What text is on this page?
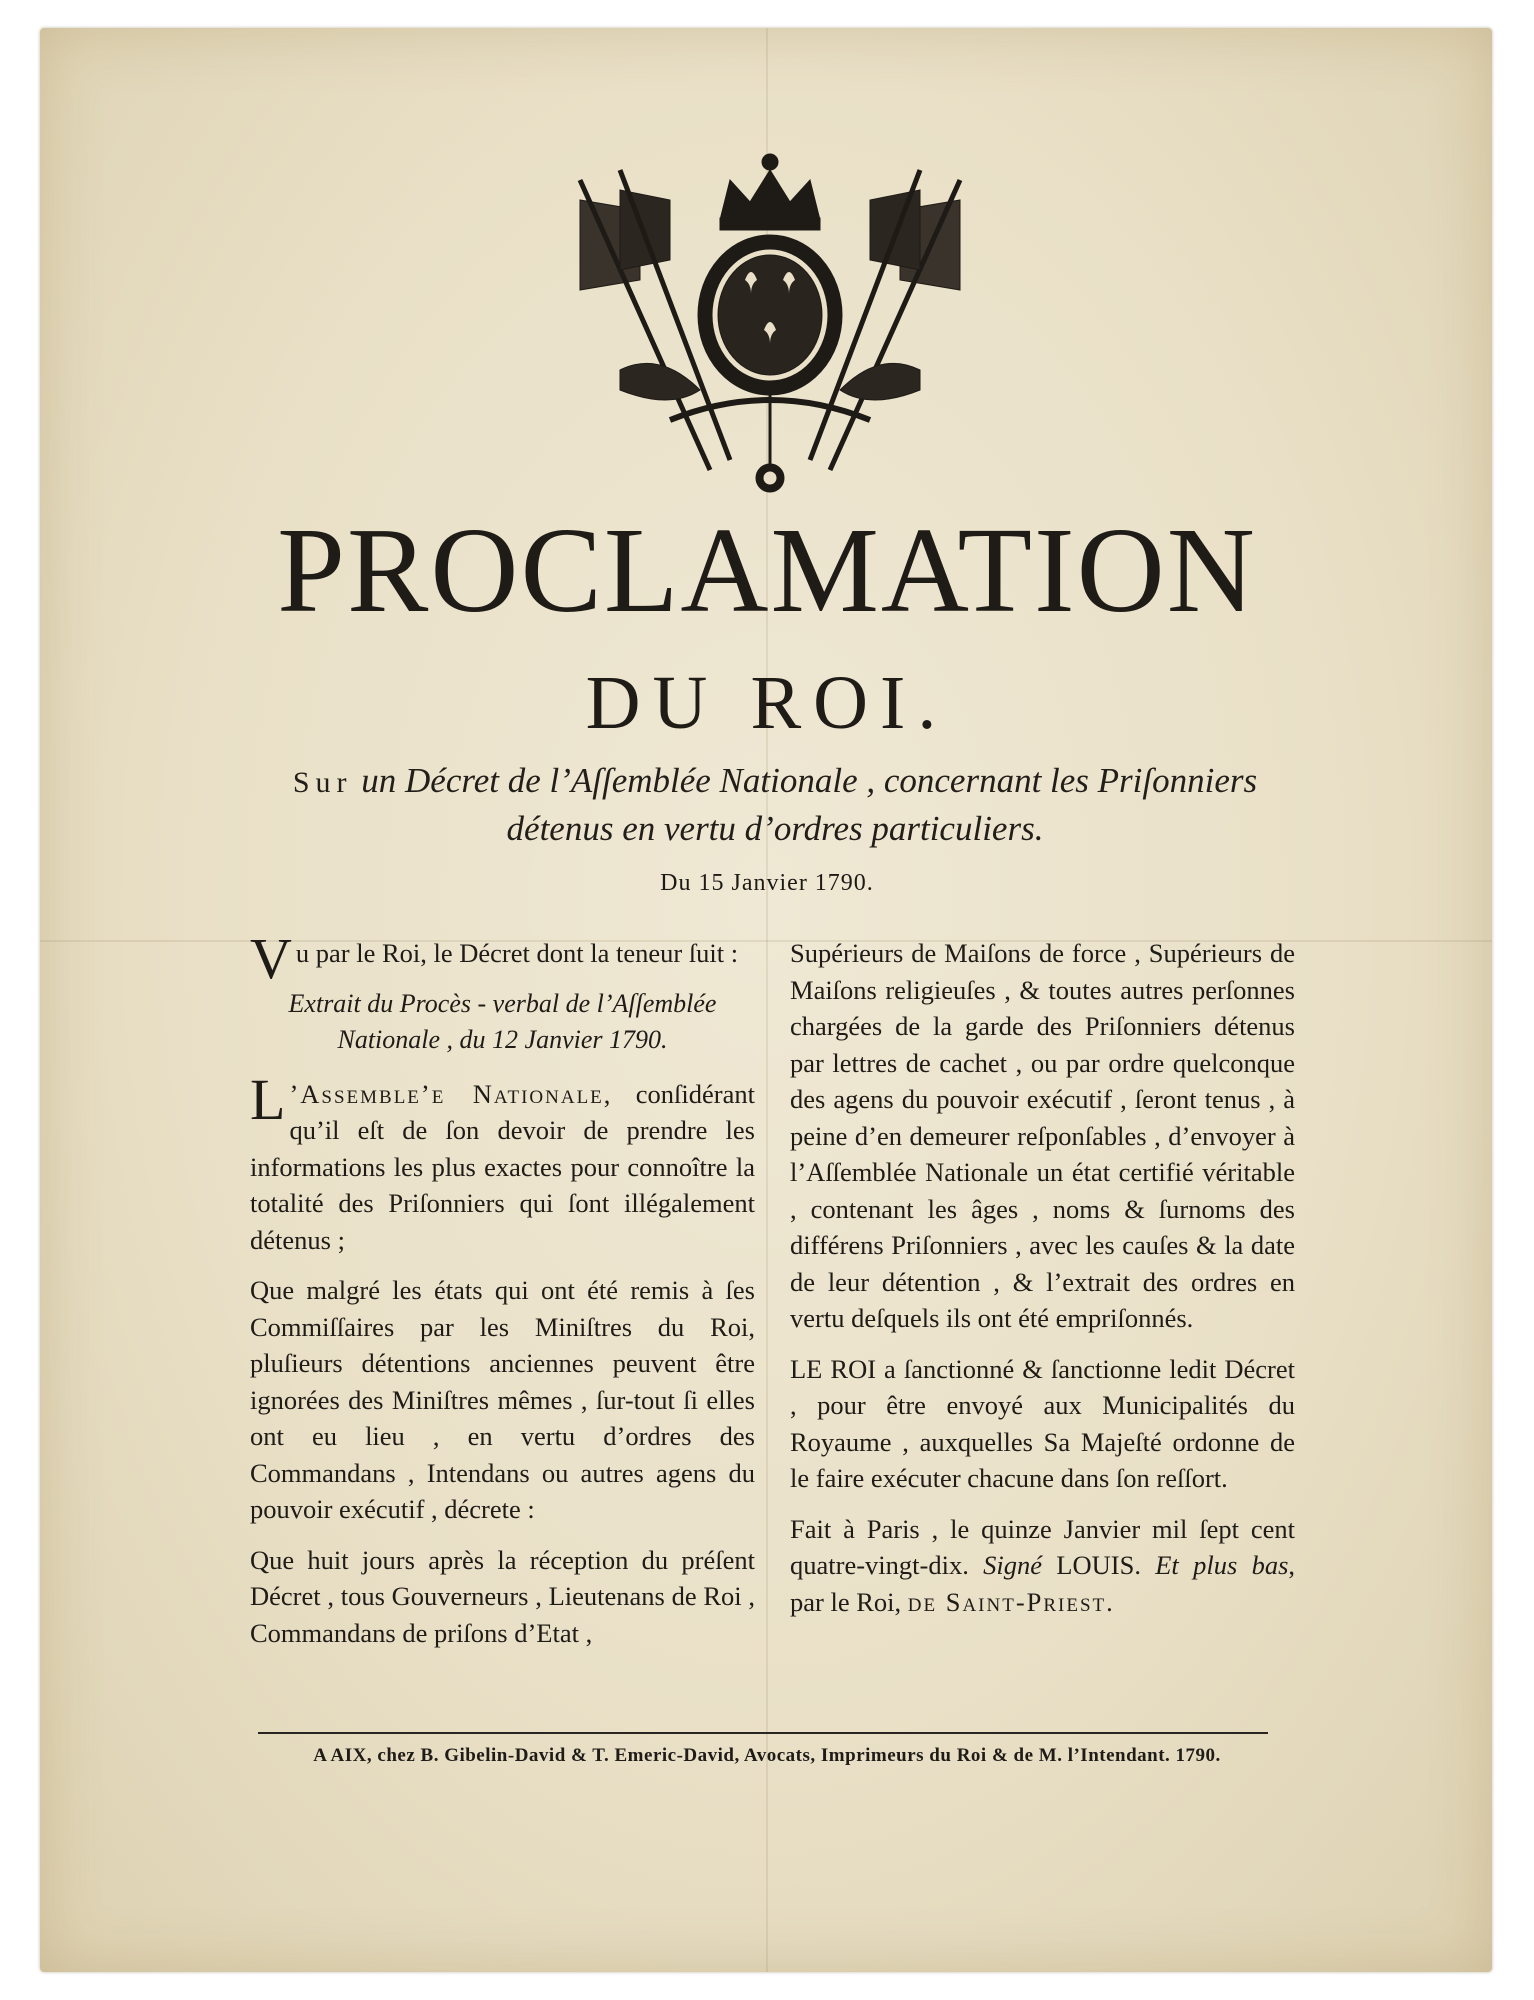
PROCLAMATION
DU ROI.
Sur un Décret de l’Aſſemblée Nationale , concernant les Priſonniers détenus en vertu d’ordres particuliers.
Du 15 Janvier 1790.

Vu par le Roi, le Décret dont la teneur ſuit :

Extrait du Procès - verbal de l’Aſſemblée Nationale , du 12 Janvier 1790.

L ’Assemble’e Nationale, conſidérant qu’il eſt de ſon devoir de prendre les informations les plus exactes pour connoître la totalité des Priſonniers qui ſont illégalement détenus ;

Que malgré les états qui ont été remis à ſes Commiſſaires par les Miniſtres du Roi, pluſieurs détentions anciennes peuvent être ignorées des Miniſtres mêmes , ſur-tout ſi elles ont eu lieu , en vertu d’ordres des Commandans , Intendans ou autres agens du pouvoir exécutif , décrete :

Que huit jours après la réception du préſent Décret , tous Gouverneurs , Lieutenans de Roi , Commandans de priſons d’Etat ,

Supérieurs de Maiſons de force , Supérieurs de Maiſons religieuſes , & toutes autres perſonnes chargées de la garde des Priſonniers détenus par lettres de cachet , ou par ordre quelconque des agens du pouvoir exécutif , ſeront tenus , à peine d’en demeurer reſponſables , d’envoyer à l’Aſſemblée Nationale un état certifié véritable , contenant les âges , noms & ſurnoms des différens Priſonniers , avec les cauſes & la date de leur détention , & l’extrait des ordres en vertu deſquels ils ont été empriſonnés.

LE ROI a ſanctionné & ſanctionne ledit Décret , pour être envoyé aux Municipalités du Royaume , auxquelles Sa Majeſté ordonne de le faire exécuter chacune dans ſon reſſort.

Fait à Paris , le quinze Janvier mil ſept cent quatre-vingt-dix. Signé LOUIS. Et plus bas, par le Roi, de Saint-Priest.

A AIX, chez B. Gibelin-David & T. Emeric-David, Avocats, Imprimeurs du Roi & de M. l’Intendant. 1790.
